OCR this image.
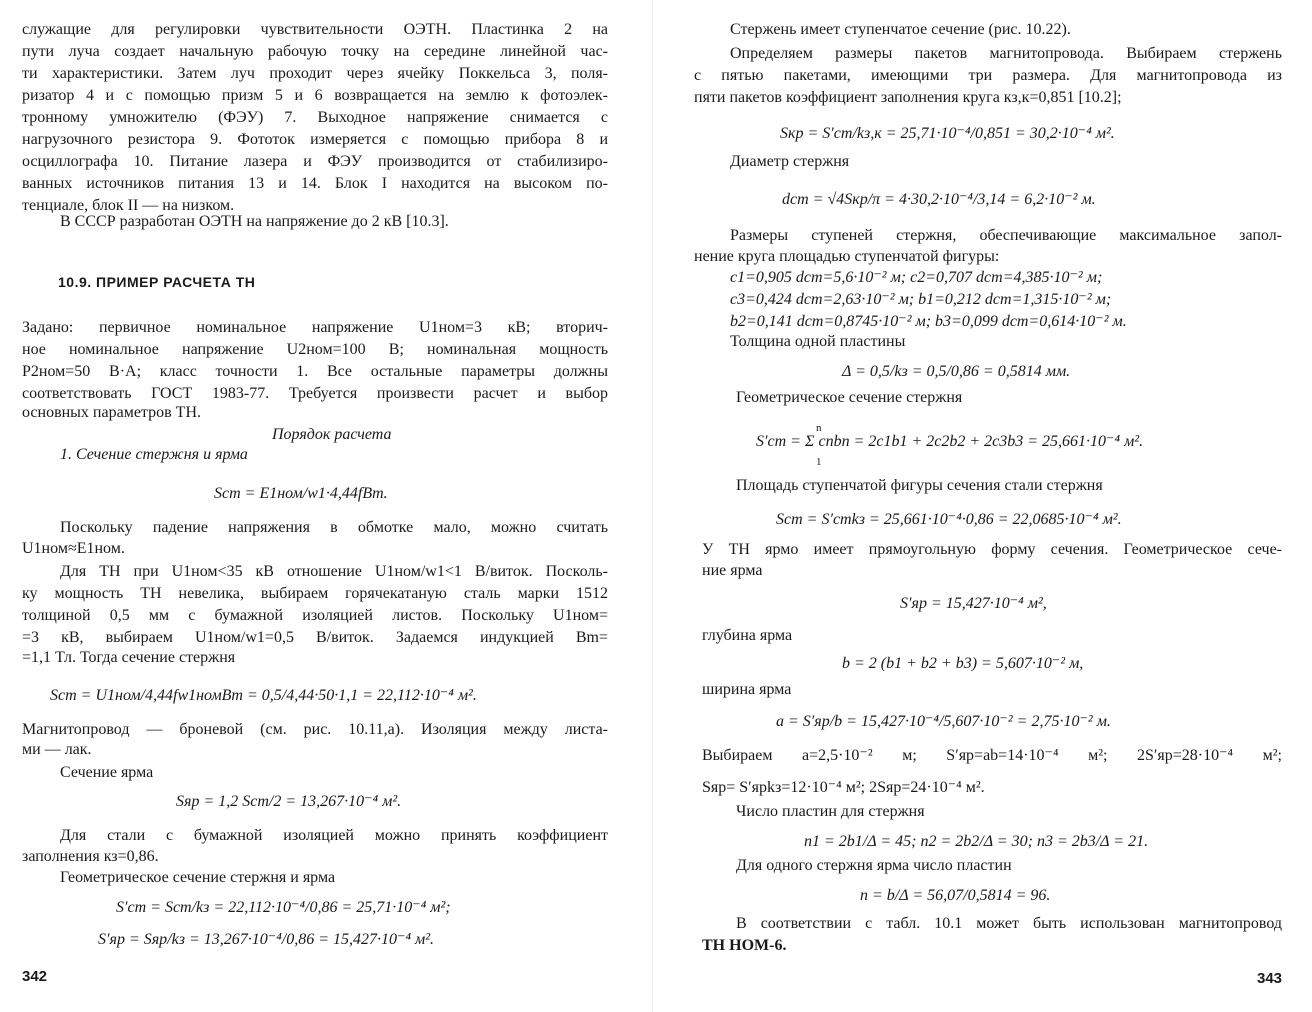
служащие для регулировки чувствительности ОЭТН. Пластинка 2 на
пути луча создает начальную рабочую точку на середине линейной час-
ти характеристики. Затем луч проходит через ячейку Поккельса 3, поля-
ризатор 4 и с помощью призм 5 и 6 возвращается на землю к фотоэлек-
тронному умножителю (ФЭУ) 7. Выходное напряжение снимается с
нагрузочного резистора 9. Фототок измеряется с помощью прибора 8 и
осциллографа 10. Питание лазера и ФЭУ производится от стабилизиро-
ванных источников питания 13 и 14. Блок I находится на высоком по-
тенциале, блок II — на низком.
В СССР разработан ОЭТН на напряжение до 2 кВ [10.3].
10.9. ПРИМЕР РАСЧЕТА ТН
Задано: первичное номинальное напряжение U1ном=3 кВ; вторич-
ное номинальное напряжение U2ном=100 В; номинальная мощность
P2ном=50 В·А; класс точности 1. Все остальные параметры должны
соответствовать ГОСТ 1983-77. Требуется произвести расчет и выбор
основных параметров ТН.
Порядок расчета
1. Сечение стержня и ярма
Sст = E1ном/w1·4,44fBm.
Поскольку падение напряжения в обмотке мало, можно считать
U1ном≈E1ном.
Для ТН при U1ном<35 кВ отношение U1ном/w1<1 В/виток. Посколь-
ку мощность ТН невелика, выбираем горячекатаную сталь марки 1512
толщиной 0,5 мм с бумажной изоляцией листов. Поскольку U1ном=
=3 кВ, выбираем U1ном/w1=0,5 В/виток. Задаемся индукцией Bm=
=1,1 Тл. Тогда сечение стержня
Sст = U1ном/4,44fw1номBm = 0,5/4,44·50·1,1 = 22,112·10⁻⁴ м².
Магнитопровод — броневой (см. рис. 10.11,а). Изоляция между листа-
ми — лак.
Сечение ярма
Sяр = 1,2 Sст/2 = 13,267·10⁻⁴ м².
Для стали с бумажной изоляцией можно принять коэффициент
заполнения кз=0,86.
Геометрическое сечение стержня и ярма
S′ст = Sст/kз = 22,112·10⁻⁴/0,86 = 25,71·10⁻⁴ м²;
S′яр = Sяр/kз = 13,267·10⁻⁴/0,86 = 15,427·10⁻⁴ м².
342
Стержень имеет ступенчатое сечение (рис. 10.22).
Определяем размеры пакетов магнитопровода. Выбираем стержень
с пятью пакетами, имеющими три размера. Для магнитопровода из
пяти пакетов коэффициент заполнения круга кз,к=0,851 [10.2];
Sкр = S′ст/kз,к = 25,71·10⁻⁴/0,851 = 30,2·10⁻⁴ м².
Диаметр стержня
dст = √4Sкр/π = 4·30,2·10⁻⁴/3,14 = 6,2·10⁻² м.
Размеры ступеней стержня, обеспечивающие максимальное запол-
нение круга площадью ступенчатой фигуры:
c1=0,905 dст=5,6·10⁻² м; c2=0,707 dст=4,385·10⁻² м;
c3=0,424 dст=2,63·10⁻² м; b1=0,212 dст=1,315·10⁻² м;
b2=0,141 dст=0,8745·10⁻² м; b3=0,099 dст=0,614·10⁻² м.
Толщина одной пластины
Δ = 0,5/kз = 0,5/0,86 = 0,5814 мм.
Геометрическое сечение стержня
n
S′ст = Σ cnbn = 2c1b1 + 2c2b2 + 2c3b3 = 25,661·10⁻⁴ м².
1
Площадь ступенчатой фигуры сечения стали стержня
Sст = S′стkз = 25,661·10⁻⁴·0,86 = 22,0685·10⁻⁴ м².
У ТН ярмо имеет прямоугольную форму сечения. Геометрическое сече-
ние ярма
S′яр = 15,427·10⁻⁴ м²,
глубина ярма
b = 2 (b1 + b2 + b3) = 5,607·10⁻² м,
ширина ярма
a = S′яр/b = 15,427·10⁻⁴/5,607·10⁻² = 2,75·10⁻² м.
Выбираем a=2,5·10⁻² м; S′яр=ab=14·10⁻⁴ м²; 2S′яр=28·10⁻⁴ м²;
Sяр= S′ярkз=12·10⁻⁴ м²; 2Sяр=24·10⁻⁴ м².
Число пластин для стержня
n1 = 2b1/Δ = 45; n2 = 2b2/Δ = 30; n3 = 2b3/Δ = 21.
Для одного стержня ярма число пластин
n = b/Δ = 56,07/0,5814 = 96.
В соответствии с табл. 10.1 может быть использован магнитопровод
ТН НОМ-6.
343
